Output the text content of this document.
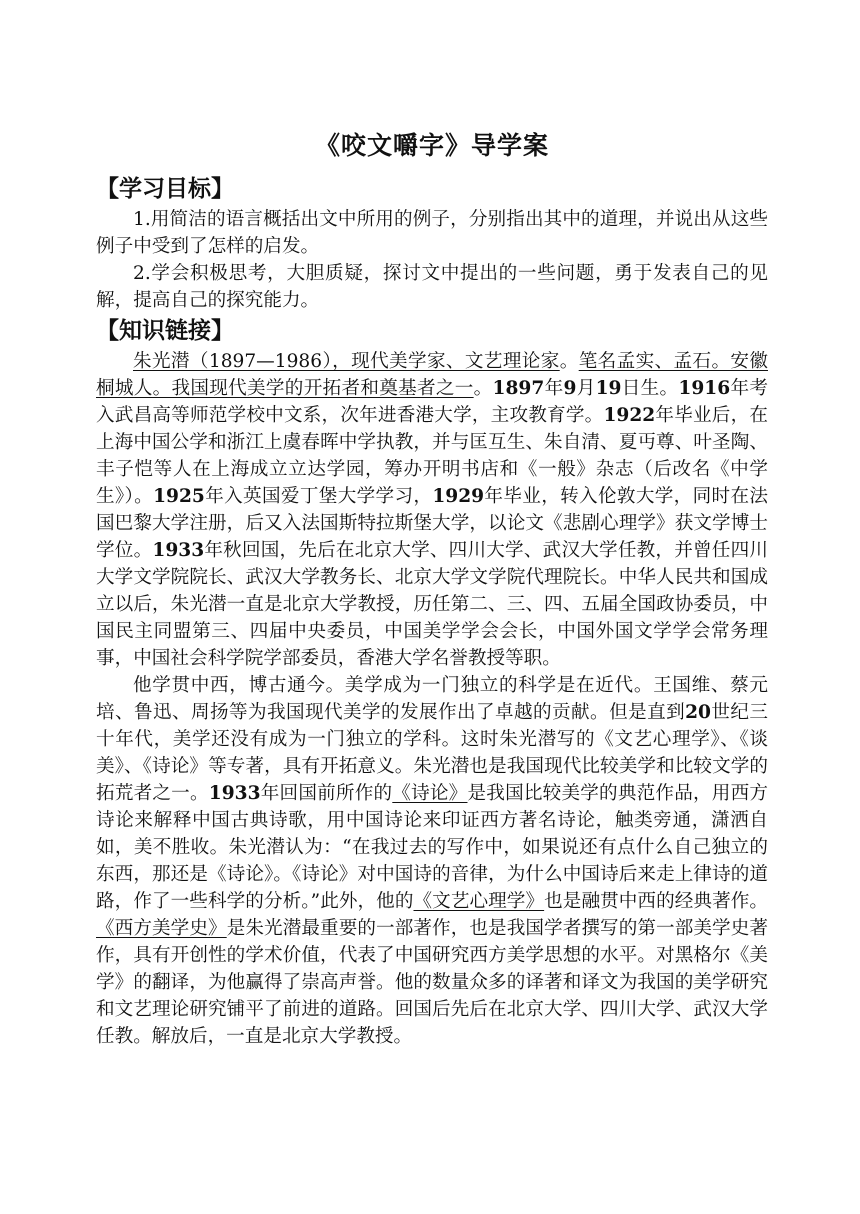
《咬文嚼字》导学案
【学习目标】

1.用简洁的语言概括出文中所用的例子，分别指出其中的道理，并说出从这些例子中受到了怎样的启发。

2.学会积极思考，大胆质疑，探讨文中提出的一些问题，勇于发表自己的见解，提高自己的探究能力。

【知识链接】

朱光潜（1897—1986），现代美学家、文艺理论家。笔名孟实、孟石。安徽桐城人。我国现代美学的开拓者和奠基者之一。1897年9月19日生。1916年考入武昌高等师范学校中文系，次年进香港大学，主攻教育学。1922年毕业后，在上海中国公学和浙江上虞春晖中学执教，并与匡互生、朱自清、夏丏尊、叶圣陶、丰子恺等人在上海成立立达学园，筹办开明书店和《一般》杂志（后改名《中学生》）。1925年入英国爱丁堡大学学习，1929年毕业，转入伦敦大学，同时在法国巴黎大学注册，后又入法国斯特拉斯堡大学，以论文《悲剧心理学》获文学博士学位。1933年秋回国，先后在北京大学、四川大学、武汉大学任教，并曾任四川大学文学院院长、武汉大学教务长、北京大学文学院代理院长。中华人民共和国成立以后，朱光潜一直是北京大学教授，历任第二、三、四、五届全国政协委员，中国民主同盟第三、四届中央委员，中国美学学会会长，中国外国文学学会常务理事，中国社会科学院学部委员，香港大学名誉教授等职。

他学贯中西，博古通今。美学成为一门独立的科学是在近代。王国维、蔡元培、鲁迅、周扬等为我国现代美学的发展作出了卓越的贡献。但是直到20世纪三十年代，美学还没有成为一门独立的学科。这时朱光潜写的《文艺心理学》、《谈美》、《诗论》等专著，具有开拓意义。朱光潜也是我国现代比较美学和比较文学的拓荒者之一。1933年回国前所作的《诗论》是我国比较美学的典范作品，用西方诗论来解释中国古典诗歌，用中国诗论来印证西方著名诗论，触类旁通，潇洒自如，美不胜收。朱光潜认为：“在我过去的写作中，如果说还有点什么自己独立的东西，那还是《诗论》。《诗论》对中国诗的音律，为什么中国诗后来走上律诗的道路，作了一些科学的分析。”此外，他的《文艺心理学》也是融贯中西的经典著作。《西方美学史》是朱光潜最重要的一部著作，也是我国学者撰写的第一部美学史著作，具有开创性的学术价值，代表了中国研究西方美学思想的水平。对黑格尔《美学》的翻译，为他赢得了崇高声誉。他的数量众多的译著和译文为我国的美学研究和文艺理论研究铺平了前进的道路。回国后先后在北京大学、四川大学、武汉大学任教。解放后，一直是北京大学教授。
